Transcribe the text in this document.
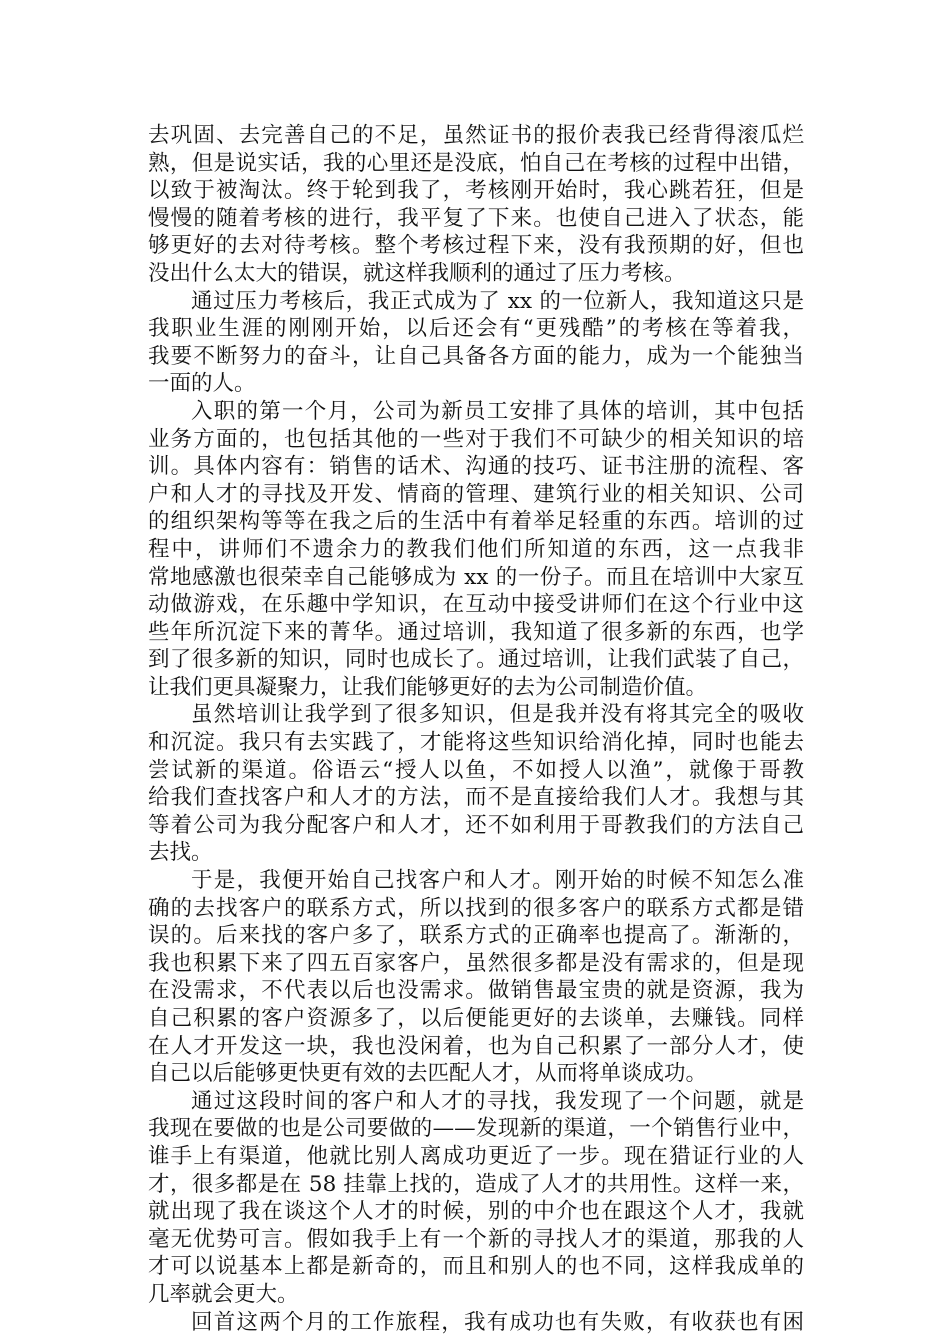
去巩固、去完善自己的不足，虽然证书的报价表我已经背得滚瓜烂
熟，但是说实话，我的心里还是没底，怕自己在考核的过程中出错，
以致于被淘汰。终于轮到我了，考核刚开始时，我心跳若狂，但是
慢慢的随着考核的进行，我平复了下来。也使自己进入了状态，能
够更好的去对待考核。整个考核过程下来，没有我预期的好，但也
没出什么太大的错误，就这样我顺利的通过了压力考核。
通过压力考核后，我正式成为了 xx 的一位新人，我知道这只是
我职业生涯的刚刚开始，以后还会有“更残酷”的考核在等着我，
我要不断努力的奋斗，让自己具备各方面的能力，成为一个能独当
一面的人。
入职的第一个月，公司为新员工安排了具体的培训，其中包括
业务方面的，也包括其他的一些对于我们不可缺少的相关知识的培
训。具体内容有：销售的话术、沟通的技巧、证书注册的流程、客
户和人才的寻找及开发、情商的管理、建筑行业的相关知识、公司
的组织架构等等在我之后的生活中有着举足轻重的东西。培训的过
程中，讲师们不遗余力的教我们他们所知道的东西，这一点我非
常地感激也很荣幸自己能够成为 xx 的一份子。而且在培训中大家互
动做游戏，在乐趣中学知识，在互动中接受讲师们在这个行业中这
些年所沉淀下来的菁华。通过培训，我知道了很多新的东西，也学
到了很多新的知识，同时也成长了。通过培训，让我们武装了自己，
让我们更具凝聚力，让我们能够更好的去为公司制造价值。
虽然培训让我学到了很多知识，但是我并没有将其完全的吸收
和沉淀。我只有去实践了，才能将这些知识给消化掉，同时也能去
尝试新的渠道。俗语云“授人以鱼，不如授人以渔”，就像于哥教
给我们查找客户和人才的方法，而不是直接给我们人才。我想与其
等着公司为我分配客户和人才，还不如利用于哥教我们的方法自己
去找。
于是，我便开始自己找客户和人才。刚开始的时候不知怎么准
确的去找客户的联系方式，所以找到的很多客户的联系方式都是错
误的。后来找的客户多了，联系方式的正确率也提高了。渐渐的，
我也积累下来了四五百家客户，虽然很多都是没有需求的，但是现
在没需求，不代表以后也没需求。做销售最宝贵的就是资源，我为
自己积累的客户资源多了，以后便能更好的去谈单，去赚钱。同样
在人才开发这一块，我也没闲着，也为自己积累了一部分人才，使
自己以后能够更快更有效的去匹配人才，从而将单谈成功。
通过这段时间的客户和人才的寻找，我发现了一个问题，就是
我现在要做的也是公司要做的——发现新的渠道，一个销售行业中，
谁手上有渠道，他就比别人离成功更近了一步。现在猎证行业的人
才，很多都是在 58 挂靠上找的，造成了人才的共用性。这样一来，
就出现了我在谈这个人才的时候，别的中介也在跟这个人才，我就
毫无优势可言。假如我手上有一个新的寻找人才的渠道，那我的人
才可以说基本上都是新奇的，而且和别人的也不同，这样我成单的
几率就会更大。
回首这两个月的工作旅程，我有成功也有失败，有收获也有困
